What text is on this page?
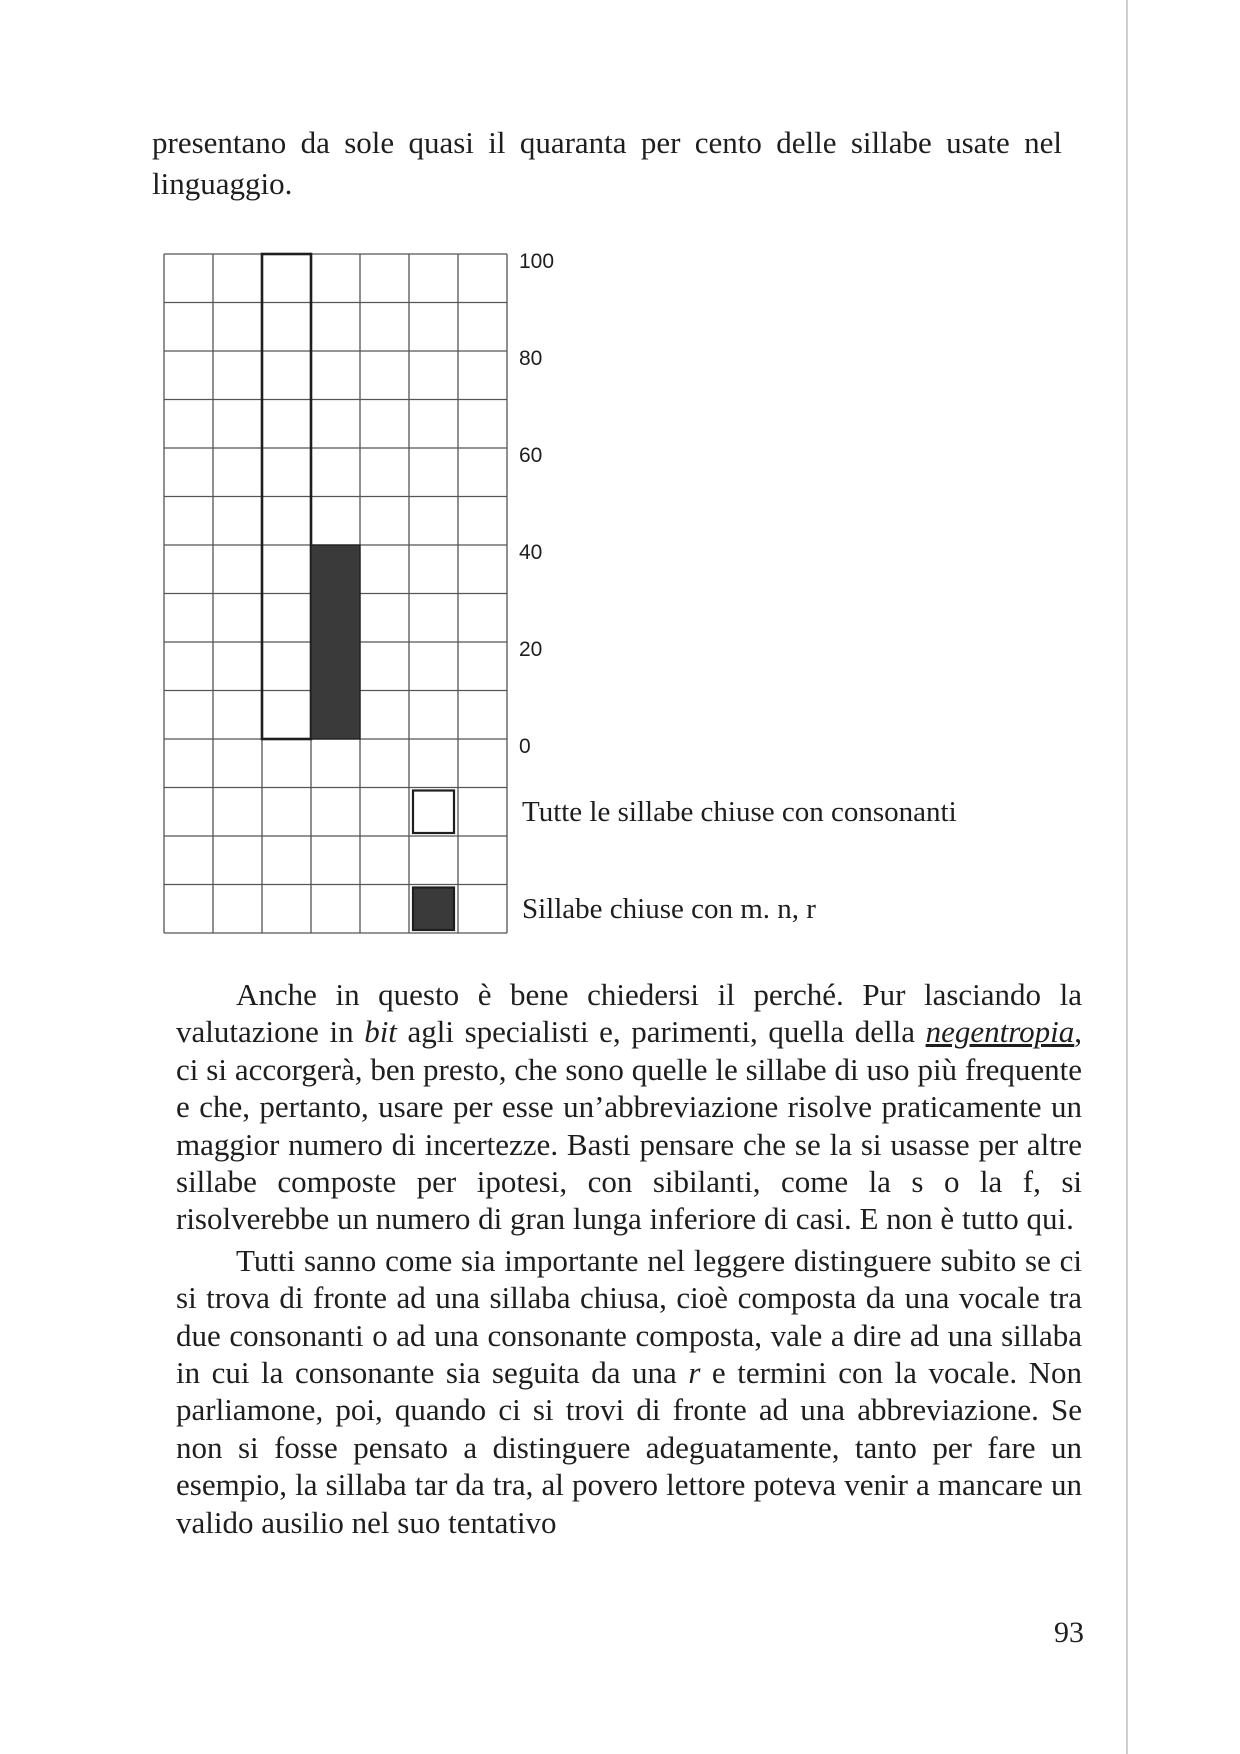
presentano da sole quasi il quaranta per cento delle sillabe usate nel linguaggio.

100
80
60
40
20
0
Tutte le sillabe chiuse con consonanti
Sillabe chiuse con m. n, r

Anche in questo è bene chiedersi il perché. Pur lasciando la valutazione in bit agli specialisti e, parimenti, quella della negentropia, ci si accorgerà, ben presto, che sono quelle le sillabe di uso più frequente e che, pertanto, usare per esse un’abbreviazione risolve praticamente un maggior numero di incertezze. Basti pensare che se la si usasse per altre sillabe composte per ipotesi, con sibilanti, come la s o la f, si risolverebbe un numero di gran lunga inferiore di casi. E non è tutto qui.

Tutti sanno come sia importante nel leggere distinguere subito se ci si trova di fronte ad una sillaba chiusa, cioè composta da una vocale tra due consonanti o ad una consonante composta, vale a dire ad una sillaba in cui la consonante sia seguita da una r e termini con la vocale. Non parliamone, poi, quando ci si trovi di fronte ad una abbreviazione. Se non si fosse pensato a distinguere adeguatamente, tanto per fare un esempio, la sillaba tar da tra, al povero lettore poteva venir a mancare un valido ausilio nel suo tentativo

93
